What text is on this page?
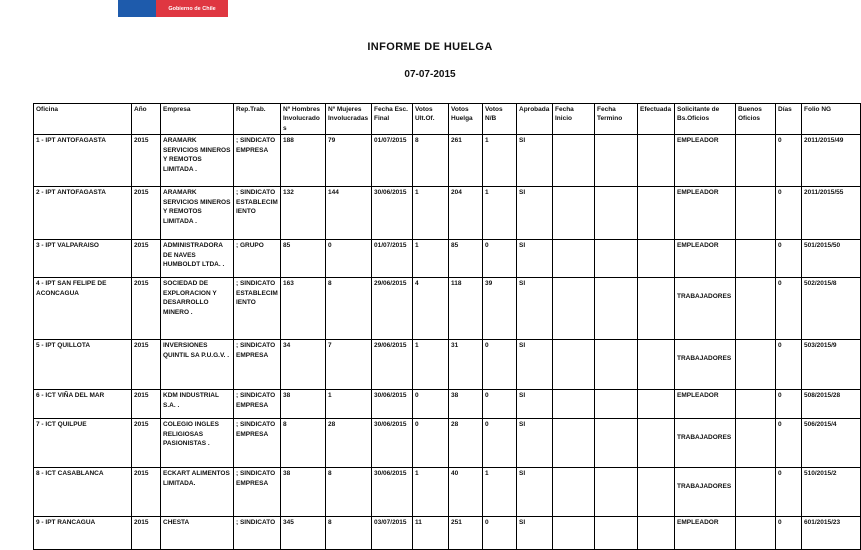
Gobierno de Chile
INFORME DE HUELGA
07-07-2015
Oficina	Año	Empresa	Rep.Trab.	Nº Hombres Involucrados	Nº Mujeres Involucradas	Fecha Esc. Final	Votos Ult.Of.	Votos Huelga	Votos N/B	Aprobada	Fecha Inicio	Fecha Termino	Efectuada	Solicitante de Bs.Oficios	Buenos Oficios	Días	Folio NG
1 - IPT ANTOFAGASTA	2015	ARAMARK SERVICIOS MINEROS Y REMOTOS LIMITADA .	; SINDICATO EMPRESA	188	79	01/07/2015	8	261	1	SI				EMPLEADOR		0	2011/2015/49
2 - IPT ANTOFAGASTA	2015	ARAMARK SERVICIOS MINEROS Y REMOTOS LIMITADA .	; SINDICATO ESTABLECIMIENTO	132	144	30/06/2015	1	204	1	SI				EMPLEADOR		0	2011/2015/55
3 - IPT VALPARAISO	2015	ADMINISTRADORA DE NAVES HUMBOLDT LTDA. .	; GRUPO	85	0	01/07/2015	1	85	0	SI				EMPLEADOR		0	501/2015/50
4 - IPT SAN FELIPE DE ACONCAGUA	2015	SOCIEDAD DE EXPLORACION Y DESARROLLO MINERO .	; SINDICATO ESTABLECIMIENTO	163	8	29/06/2015	4	118	39	SI				TRABAJADORES		0	502/2015/8
5 - IPT QUILLOTA	2015	INVERSIONES QUINTIL SA P.U.G.V. .	; SINDICATO EMPRESA	34	7	29/06/2015	1	31	0	SI				TRABAJADORES		0	503/2015/9
6 - ICT VIÑA DEL MAR	2015	KDM INDUSTRIAL S.A. .	; SINDICATO EMPRESA	38	1	30/06/2015	0	38	0	SI				EMPLEADOR		0	508/2015/28
7 - ICT QUILPUE	2015	COLEGIO INGLES RELIGIOSAS PASIONISTAS .	; SINDICATO EMPRESA	8	28	30/06/2015	0	28	0	SI				TRABAJADORES		0	506/2015/4
8 - ICT CASABLANCA	2015	ECKART ALIMENTOS LIMITADA.	; SINDICATO EMPRESA	38	8	30/06/2015	1	40	1	SI				TRABAJADORES		0	510/2015/2
9 - IPT RANCAGUA	2015	CHESTA	; SINDICATO	345	8	03/07/2015	11	251	0	SI				EMPLEADOR		0	601/2015/23
